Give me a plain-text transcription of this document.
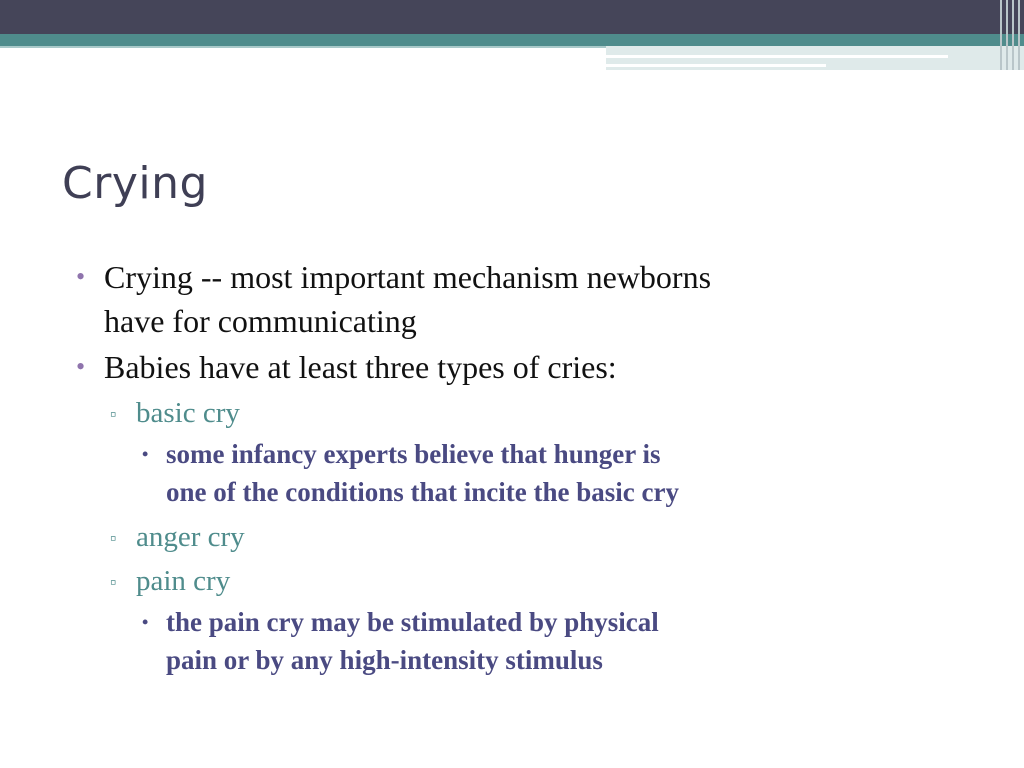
Crying
• Crying -- most important mechanism newborns
have for communicating
• Babies have at least three types of cries:
▫ basic cry
• some infancy experts believe that hunger is
one of the conditions that incite the basic cry
▫ anger cry
▫ pain cry
• the pain cry may be stimulated by physical
pain or by any high-intensity stimulus
